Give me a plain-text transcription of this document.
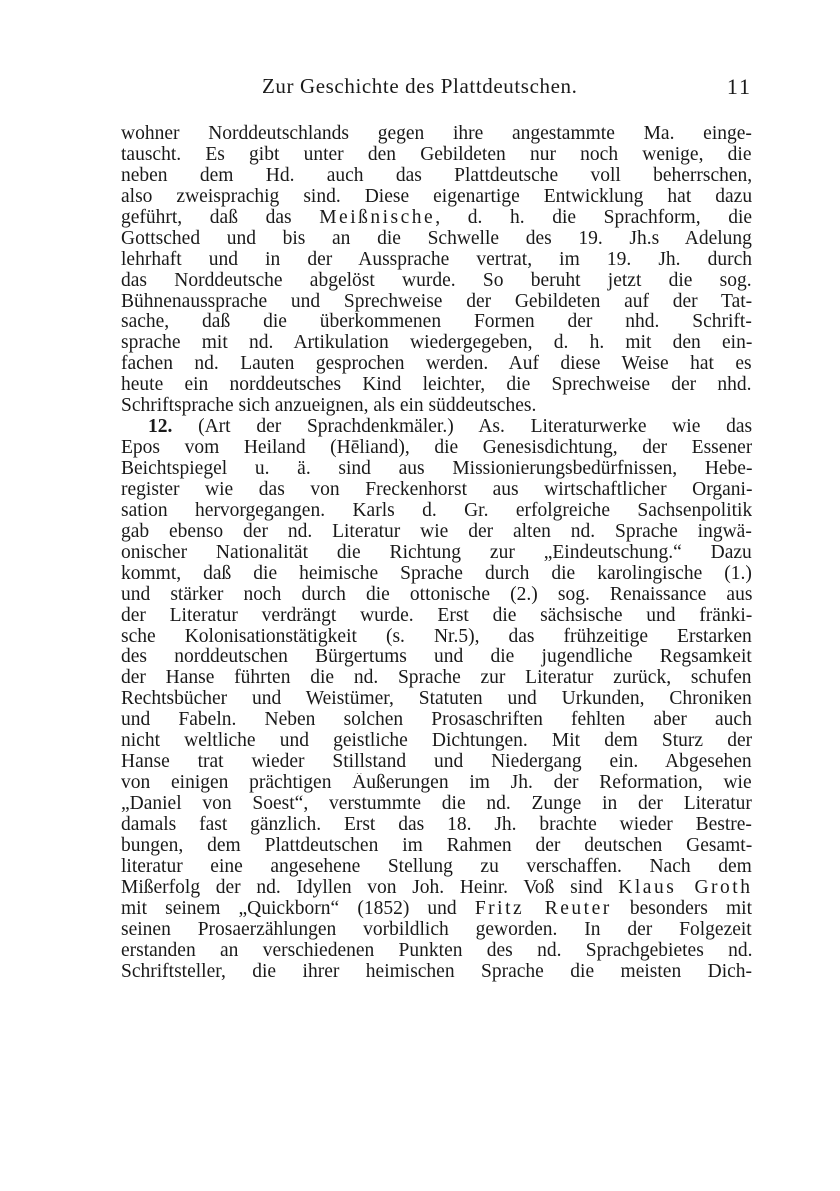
Zur Geschichte des Plattdeutschen.	11
wohner Norddeutschlands gegen ihre angestammte Ma. einge-
tauscht. Es gibt unter den Gebildeten nur noch wenige, die
neben dem Hd. auch das Plattdeutsche voll beherrschen,
also zweisprachig sind. Diese eigenartige Entwicklung hat dazu
geführt, daß das Meißnische, d. h. die Sprachform, die
Gottsched und bis an die Schwelle des 19. Jh.s Adelung
lehrhaft und in der Aussprache vertrat, im 19. Jh. durch
das Norddeutsche abgelöst wurde. So beruht jetzt die sog.
Bühnenaussprache und Sprechweise der Gebildeten auf der Tat-
sache, daß die überkommenen Formen der nhd. Schrift-
sprache mit nd. Artikulation wiedergegeben, d. h. mit den ein-
fachen nd. Lauten gesprochen werden. Auf diese Weise hat es
heute ein norddeutsches Kind leichter, die Sprechweise der nhd.
Schriftsprache sich anzueignen, als ein süddeutsches.
12. (Art der Sprachdenkmäler.) As. Literaturwerke wie das
Epos vom Heiland (Hēliand), die Genesisdichtung, der Essener
Beichtspiegel u. ä. sind aus Missionierungsbedürfnissen, Hebe-
register wie das von Freckenhorst aus wirtschaftlicher Organi-
sation hervorgegangen. Karls d. Gr. erfolgreiche Sachsenpolitik
gab ebenso der nd. Literatur wie der alten nd. Sprache ingwä-
onischer Nationalität die Richtung zur „Eindeutschung.“ Dazu
kommt, daß die heimische Sprache durch die karolingische (1.)
und stärker noch durch die ottonische (2.) sog. Renaissance aus
der Literatur verdrängt wurde. Erst die sächsische und fränki-
sche Kolonisationstätigkeit (s. Nr.5), das frühzeitige Erstarken
des norddeutschen Bürgertums und die jugendliche Regsamkeit
der Hanse führten die nd. Sprache zur Literatur zurück, schufen
Rechtsbücher und Weistümer, Statuten und Urkunden, Chroniken
und Fabeln. Neben solchen Prosaschriften fehlten aber auch
nicht weltliche und geistliche Dichtungen. Mit dem Sturz der
Hanse trat wieder Stillstand und Niedergang ein. Abgesehen
von einigen prächtigen Äußerungen im Jh. der Reformation, wie
„Daniel von Soest“, verstummte die nd. Zunge in der Literatur
damals fast gänzlich. Erst das 18. Jh. brachte wieder Bestre-
bungen, dem Plattdeutschen im Rahmen der deutschen Gesamt-
literatur eine angesehene Stellung zu verschaffen. Nach dem
Mißerfolg der nd. Idyllen von Joh. Heinr. Voß sind Klaus Groth
mit seinem „Quickborn“ (1852) und Fritz Reuter besonders mit
seinen Prosaerzählungen vorbildlich geworden. In der Folgezeit
erstanden an verschiedenen Punkten des nd. Sprachgebietes nd.
Schriftsteller, die ihrer heimischen Sprache die meisten Dich-
